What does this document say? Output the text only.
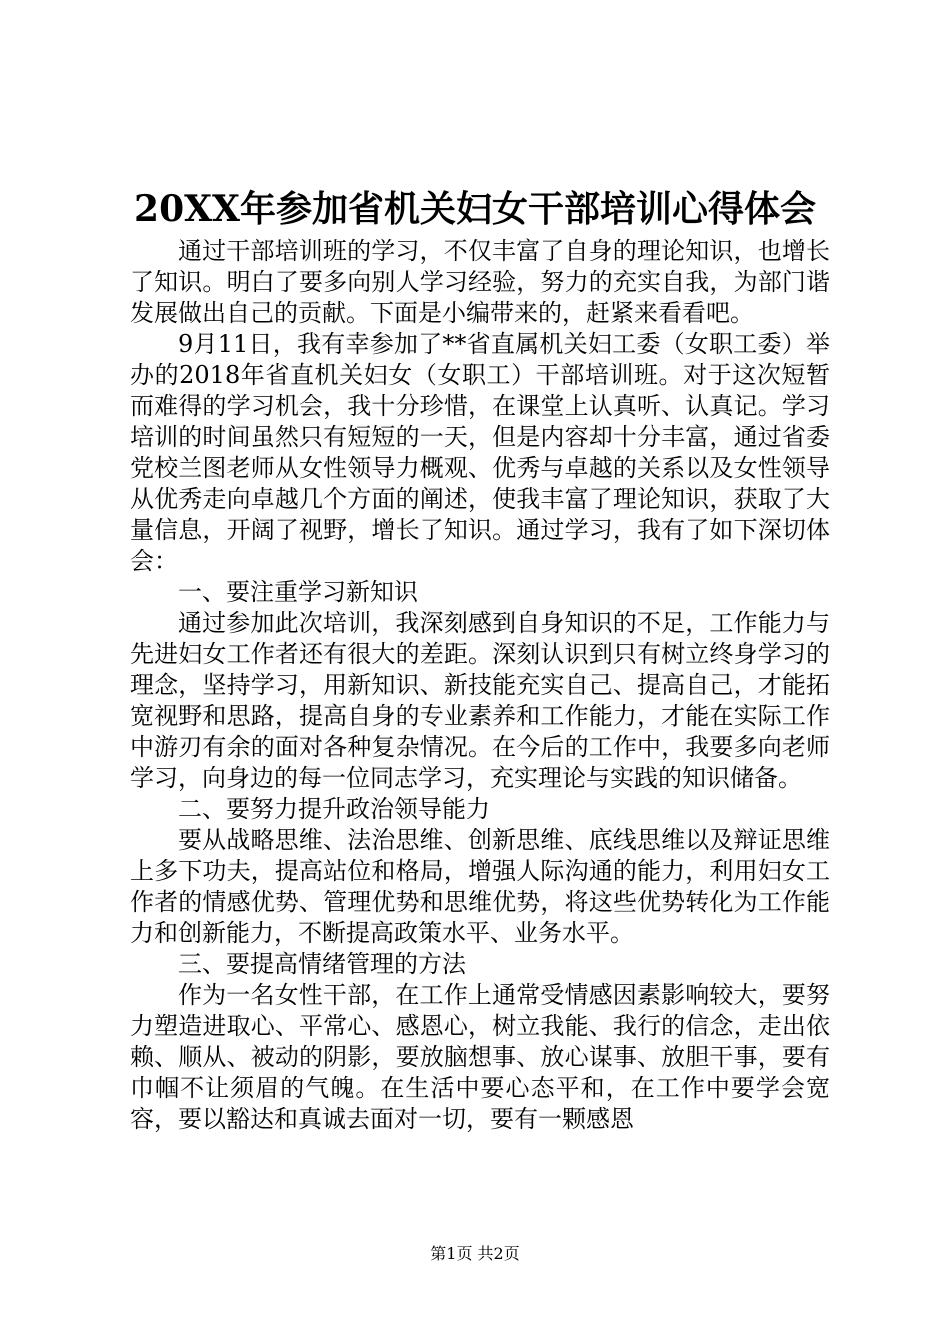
20XX年参加省机关妇女干部培训心得体会

通过干部培训班的学习，不仅丰富了自身的理论知识，也增长了知识。明白了要多向别人学习经验，努力的充实自我，为部门谐发展做出自己的贡献。下面是小编带来的，赶紧来看看吧。

9月11日，我有幸参加了**省直属机关妇工委（女职工委）举办的2018年省直机关妇女（女职工）干部培训班。对于这次短暂而难得的学习机会，我十分珍惜，在课堂上认真听、认真记。学习培训的时间虽然只有短短的一天，但是内容却十分丰富，通过省委党校兰图老师从女性领导力概观、优秀与卓越的关系以及女性领导从优秀走向卓越几个方面的阐述，使我丰富了理论知识，获取了大量信息，开阔了视野，增长了知识。通过学习，我有了如下深切体会：

一、要注重学习新知识

通过参加此次培训，我深刻感到自身知识的不足，工作能力与先进妇女工作者还有很大的差距。深刻认识到只有树立终身学习的理念，坚持学习，用新知识、新技能充实自己、提高自己，才能拓宽视野和思路，提高自身的专业素养和工作能力，才能在实际工作中游刃有余的面对各种复杂情况。在今后的工作中，我要多向老师学习，向身边的每一位同志学习，充实理论与实践的知识储备。

二、要努力提升政治领导能力

要从战略思维、法治思维、创新思维、底线思维以及辩证思维上多下功夫，提高站位和格局，增强人际沟通的能力，利用妇女工作者的情感优势、管理优势和思维优势，将这些优势转化为工作能力和创新能力，不断提高政策水平、业务水平。

三、要提高情绪管理的方法

作为一名女性干部，在工作上通常受情感因素影响较大，要努力塑造进取心、平常心、感恩心，树立我能、我行的信念，走出依赖、顺从、被动的阴影，要放脑想事、放心谋事、放胆干事，要有巾帼不让须眉的气魄。在生活中要心态平和，在工作中要学会宽容，要以豁达和真诚去面对一切，要有一颗感恩

第1页 共2页
